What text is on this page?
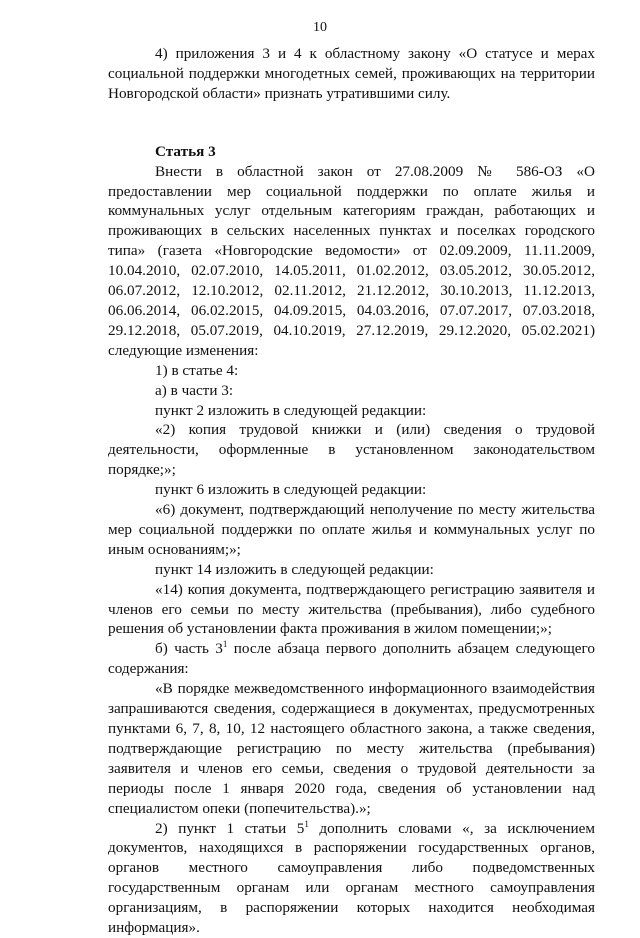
10

4) приложения 3 и 4 к областному закону «О статусе и мерах социальной поддержки многодетных семей, проживающих на территории Новгородской области» признать утратившими силу.

Статья 3

Внести в областной закон от 27.08.2009 № 586-ОЗ «О предоставлении мер социальной поддержки по оплате жилья и коммунальных услуг отдельным категориям граждан, работающих и проживающих в сельских населенных пунктах и поселках городского типа» (газета «Новгородские ведомости» от 02.09.2009, 11.11.2009, 10.04.2010, 02.07.2010, 14.05.2011, 01.02.2012, 03.05.2012, 30.05.2012, 06.07.2012, 12.10.2012, 02.11.2012, 21.12.2012, 30.10.2013, 11.12.2013, 06.06.2014, 06.02.2015, 04.09.2015, 04.03.2016, 07.07.2017, 07.03.2018, 29.12.2018, 05.07.2019, 04.10.2019, 27.12.2019, 29.12.2020, 05.02.2021) следующие изменения:

1) в статье 4:

а) в части 3:

пункт 2 изложить в следующей редакции:

«2) копия трудовой книжки и (или) сведения о трудовой деятельности, оформленные в установленном законодательством порядке;»;

пункт 6 изложить в следующей редакции:

«6) документ, подтверждающий неполучение по месту жительства мер социальной поддержки по оплате жилья и коммунальных услуг по иным основаниям;»;

пункт 14 изложить в следующей редакции:

«14) копия документа, подтверждающего регистрацию заявителя и членов его семьи по месту жительства (пребывания), либо судебного решения об установлении факта проживания в жилом помещении;»;

б) часть $3^1$ после абзаца первого дополнить абзацем следующего содержания:

«В порядке межведомственного информационного взаимодействия запрашиваются сведения, содержащиеся в документах, предусмотренных пунктами 6, 7, 8, 10, 12 настоящего областного закона, а также сведения, подтверждающие регистрацию по месту жительства (пребывания) заявителя и членов его семьи, сведения о трудовой деятельности за периоды после 1 января 2020 года, сведения об установлении над специалистом опеки (попечительства).»;

2) пункт 1 статьи $5^1$ дополнить словами «, за исключением документов, находящихся в распоряжении государственных органов, органов местного самоуправления либо подведомственных государственным органам или органам местного самоуправления организациям, в распоряжении которых находится необходимая информация».
